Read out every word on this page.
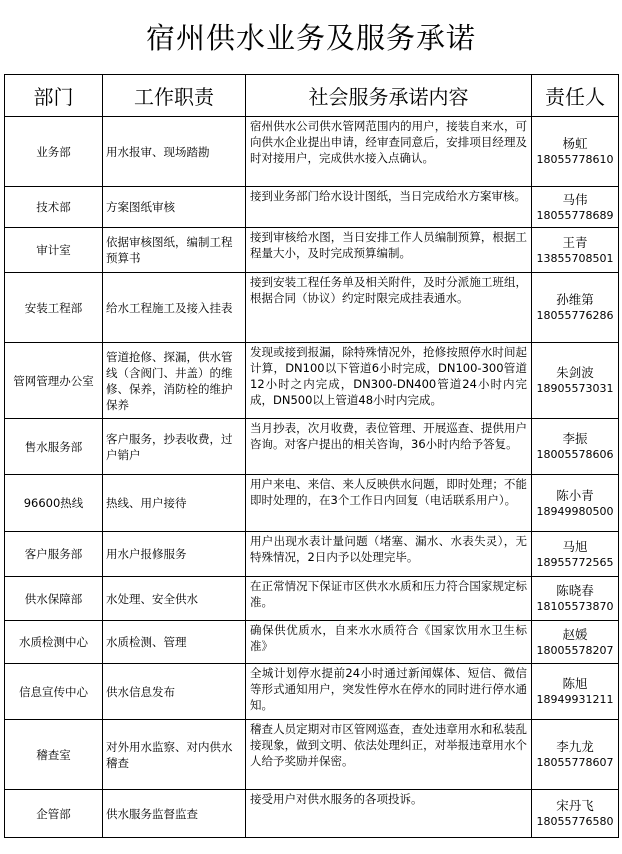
宿州供水业务及服务承诺
部门	工作职责	社会服务承诺内容	责任人
业务部	用水报审、现场踏勘	宿州供水公司供水管网范围内的用户，接装自来水，可向供水企业提出申请，经审查同意后，安排项目经理及时对接用户，完成供水接入点确认。	杨虹
18055778610

技术部	方案图纸审核	接到业务部门给水设计图纸，当日完成给水方案审核。	马伟
18055778689

审计室	依据审核图纸，编制工程预算书	接到审核给水图，当日安排工作人员编制预算，根据工程量大小，及时完成预算编制。	王青
13855708501

安装工程部	给水工程施工及接入挂表	接到安装工程任务单及相关附件，及时分派施工班组，根据合同（协议）约定时限完成挂表通水。	孙维第
18055776286

管网管理办公室	管道抢修、探漏，供水管线（含阀门、井盖）的维修、保养，消防栓的维护保养	发现或接到报漏，除特殊情况外，抢修按照停水时间起计算，DN100以下管道6小时完成，DN100-300管道12小时之内完成，DN300-DN400管道24小时内完成，DN500以上管道48小时内完成。	朱剑波
18905573031

售水服务部	客户服务，抄表收费，过户销户	当月抄表，次月收费，表位管理、开展巡查、提供用户咨询。对客户提出的相关咨询，36小时内给予答复。	李振
18005578606

96600热线	热线、用户接待	用户来电、来信、来人反映供水问题，即时处理；不能即时处理的，在3个工作日内回复（电话联系用户）。	陈小青
18949980500

客户服务部	用水户报修服务	用户出现水表计量问题（堵塞、漏水、水表失灵），无特殊情况，2日内予以处理完毕。	马旭
18955772565

供水保障部	水处理、安全供水	在正常情况下保证市区供水水质和压力符合国家规定标准。	陈晓春
18105573870

水质检测中心	水质检测、管理	确保供优质水，自来水水质符合《国家饮用水卫生标准》	赵媛
18005578207

信息宣传中心	供水信息发布	全城计划停水提前24小时通过新闻媒体、短信、微信等形式通知用户，突发性停水在停水的同时进行停水通知。	陈旭
18949931211

稽查室	对外用水监察、对内供水稽查	稽查人员定期对市区管网巡查，查处违章用水和私装乱接现象，做到文明、依法处理纠正，对举报违章用水个人给予奖励并保密。	李九龙
18055778607

企管部	供水服务监督监查	接受用户对供水服务的各项投诉。	宋丹飞
18055776580
